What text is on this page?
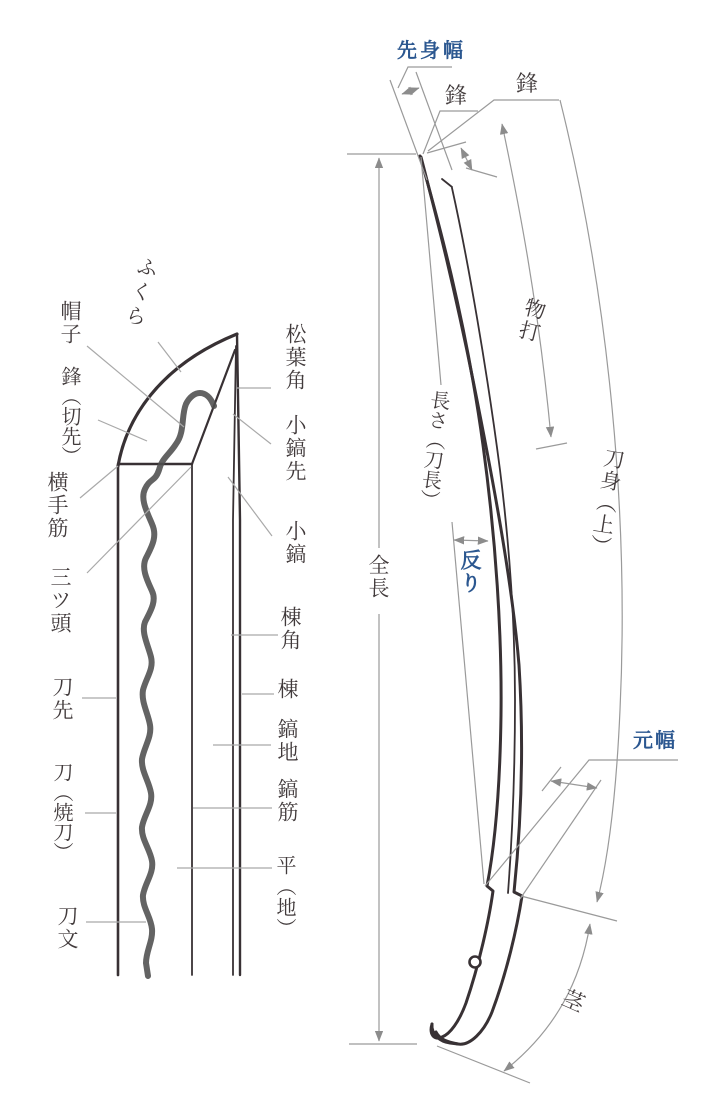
ふくら
帽子
鋒（切先）
横手筋
三ツ頭
刀先
刀（焼刀）
刀文
松葉角
小鎬先
小鎬
棟角
棟
鎬地
鎬筋
平（地）
先身幅
鋒 鋒
物打
長さ（刀長）
反り
全長
刀身（上）
元幅
茎
